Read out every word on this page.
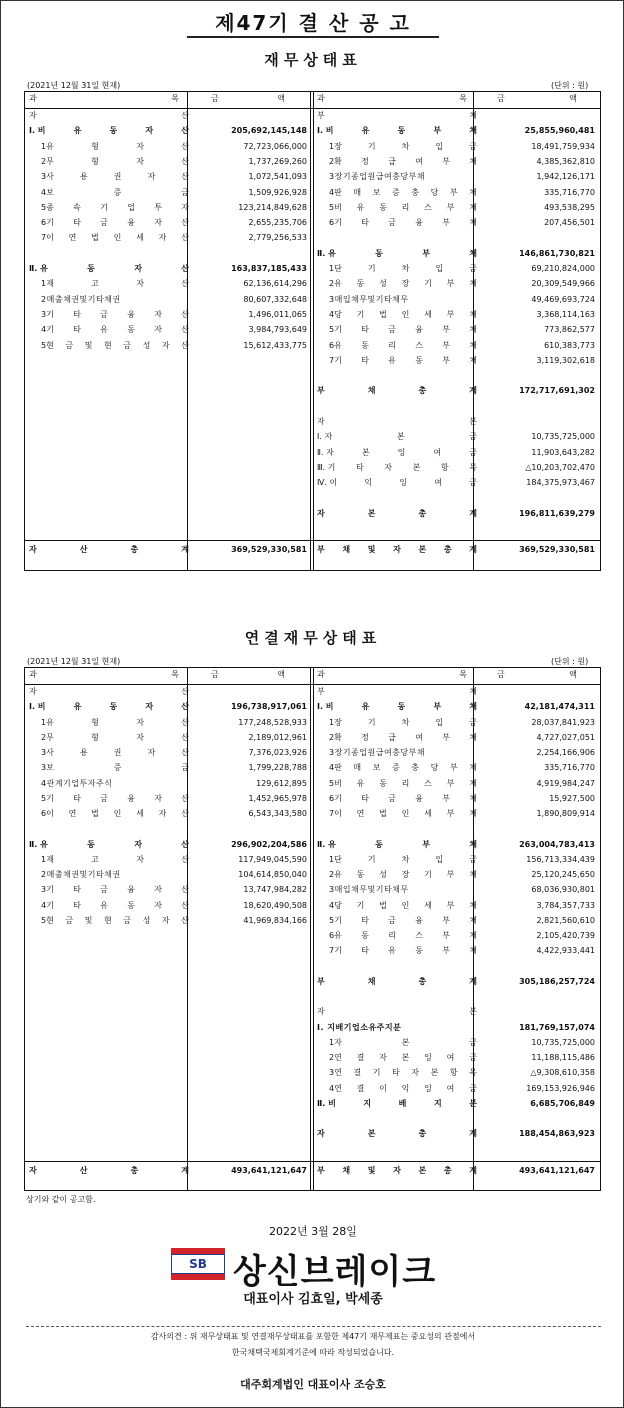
제47기 결 산 공 고
재무상태표
(2021년 12월 31일 현재)	(단위 : 원)
과	목	과	목
금	액	금	액
자	산
Ⅰ. 비	유	동	자	산	205,692,145,148
1유	형	자	산	72,723,066,000
2무	형	자	산	1,737,269,260
3사	용	권	자	산	1,072,541,093
4보	증	금	1,509,926,928
5종 속 기 업 투 자	123,214,849,628
6기 타 금 융 자 산	2,655,235,706
7이 연 법 인 세 자 산	2,779,256,533
Ⅱ. 유	동	자	산	163,837,185,433
1재	고	자	산	62,136,614,296
2매출채권및기타채권	80,607,332,648
3기 타 금 융 자 산	1,496,011,065
4기 타 유 동 자 산	3,984,793,649
5현 금 및 현 금 성 자 산	15,612,433,775
자	산	총	계	369,529,330,581
부	채
Ⅰ. 비	유	동	부	채	25,855,960,481
1장	기	차	입	금	18,491,759,934
2확 정 급 여 부 채	4,385,362,810
3장기종업원급여충당부채	1,942,126,171
4판 매 보 증 충 당 부 채	335,716,770
5비 유 동 리 스 부 채	493,538,295
6기 타 금 융 부 채	207,456,501
Ⅱ. 유	동	부	채	146,861,730,821
1단	기	차	입	금	69,210,824,000
2유 동 성 장 기 부 채	20,309,549,966
3매입채무및기타채무	49,469,693,724
4당 기 법 인 세 부 채	3,368,114,163
5기 타 금 융 부 채	773,862,577
6유 동 리 스 부 채	610,383,773
7기 타 유 동 부 채	3,119,302,618
부	채	총	계	172,717,691,302
자	본
Ⅰ. 자	본	금	10,735,725,000
Ⅱ. 자	본	잉	여	금	11,903,643,282
Ⅲ. 기	타	자	본	항	목	△10,203,702,470
Ⅳ. 이	익	잉	여	금	184,375,973,467
자	본	총	계	196,811,639,279
부 채 및 자 본 총 계	369,529,330,581
연결재무상태표
(2021년 12월 31일 현재)	(단위 : 원)
과	목	과	목
금	액	금	액
자	산
Ⅰ. 비	유	동	자	산	196,738,917,061
1유	형	자	산	177,248,528,933
2무	형	자	산	2,189,012,961
3사	용	권	자	산	7,376,023,926
3보	증	금	1,799,228,788
4관계기업투자주식	129,612,895
5기 타 금 융 자 산	1,452,965,978
6이 연 법 인 세 자 산	6,543,343,580
Ⅱ. 유	동	자	산	296,902,204,586
1재	고	자	산	117,949,045,590
2매출채권및기타채권	104,614,850,040
3기 타 금 융 자 산	13,747,984,282
4기 타 유 동 자 산	18,620,490,508
5현 금 및 현 금 성 자 산	41,969,834,166
자	산	총	계	493,641,121,647
부	채
Ⅰ. 비	유	동	부	채	42,181,474,311
1장	기	차	입	금	28,037,841,923
2확 정 급 여 부 채	4,727,027,051
3장기종업원급여충당부채	2,254,166,906
4판 매 보 증 충 당 부 채	335,716,770
5비 유 동 리 스 부 채	4,919,984,247
6기 타 금 융 부 채	15,927,500
7이 연 법 인 세 부 채	1,890,809,914
Ⅱ. 유	동	부	채	263,004,783,413
1단	기	차	입	금	156,713,334,439
2유 동 성 장 기 부 채	25,120,245,650
3매입채무및기타채무	68,036,930,801
4당 기 법 인 세 부 채	3,784,357,733
5기 타 금 융 부 채	2,821,560,610
6유 동 리 스 부 채	2,105,420,739
7기 타 유 동 부 채	4,422,933,441
부	채	총	계	305,186,257,724
자	본
Ⅰ. 지배기업소유주지분	181,769,157,074
1자	본	금	10,735,725,000
2연 결 자 본 잉 여 금	11,188,115,486
3연 결 기 타 자 본 항 목	△9,308,610,358
4연 결 이 익 잉 여 금	169,153,926,946
Ⅱ. 비	지	배	지	분	6,685,706,849
자	본	총	계	188,454,863,923
부 채 및 자 본 총 계	493,641,121,647
상기와 같이 공고함.
2022년 3월 28일
SB 상신브레이크
대표이사 김효일, 박세종
감사의견 : 위 재무상태표 및 연결재무상태표를 포함한 제47기 재무제표는 중요성의 관점에서
한국채택국제회계기준에 따라 작성되었습니다.
대주회계법인 대표이사 조승호
